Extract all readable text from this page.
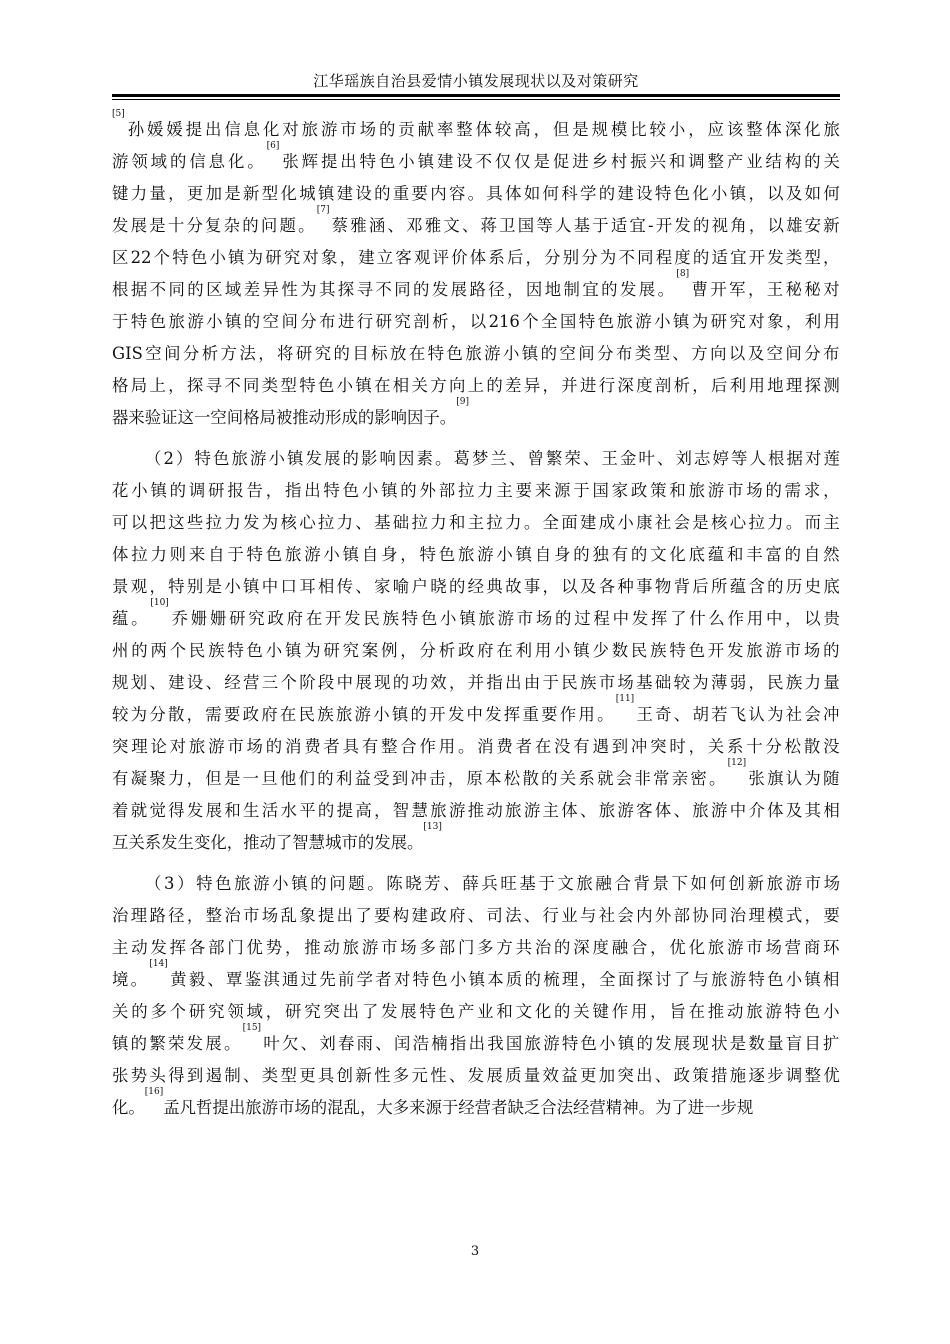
江华瑶族自治县爱情小镇发展现状以及对策研究
[5]
孙 媛 媛 提 出 信 息 化 对 旅 游 市 场 的 贡 献 率 整 体 较 高 ， 但 是 规 模 比 较 小 ， 应 该 整 体 深 化 旅
游 领 域 的 信 息 化 。
[6]
张 辉 提 出 特 色 小 镇 建 设 不 仅 仅 是 促 进 乡 村 振 兴 和 调 整 产 业 结 构 的 关
键 力 量 ， 更 加 是 新 型 化 城 镇 建 设 的 重 要 内 容 。 具 体 如 何 科 学 的 建 设 特 色 化 小 镇 ， 以 及 如 何
发 展 是 十 分 复 杂 的 问 题 。
[7]
蔡 雅 涵 、 邓 雅 文 、 蒋 卫 国 等 人 基 于 适 宜 - 开 发 的 视 角 ， 以 雄 安 新
区 22 个 特 色 小 镇 为 研 究 对 象 ， 建 立 客 观 评 价 体 系 后 ， 分 别 分 为 不 同 程 度 的 适 宜 开 发 类 型 ，
根 据 不 同 的 区 域 差 异 性 为 其 探 寻 不 同 的 发 展 路 径 ， 因 地 制 宜 的 发 展 。
[8]
曹 开 军 ， 王 秘 秘 对
于 特 色 旅 游 小 镇 的 空 间 分 布 进 行 研 究 剖 析 ， 以 216 个 全 国 特 色 旅 游 小 镇 为 研 究 对 象 ， 利 用
GIS 空 间 分 析 方 法 ， 将 研 究 的 目 标 放 在 特 色 旅 游 小 镇 的 空 间 分 布 类 型 、 方 向 以 及 空 间 分 布
格 局 上 ， 探 寻 不 同 类 型 特 色 小 镇 在 相 关 方 向 上 的 差 异 ， 并 进 行 深 度 剖 析 ， 后 利 用 地 理 探 测
器来验证这一空间格局被推动形成的影响因子。
[9]
（ 2 ） 特 色 旅 游 小 镇 发 展 的 影 响 因 素 。 葛 梦 兰 、 曾 繁 荣 、 王 金 叶 、 刘 志 婷 等 人 根 据 对 莲
花 小 镇 的 调 研 报 告 ， 指 出 特 色 小 镇 的 外 部 拉 力 主 要 来 源 于 国 家 政 策 和 旅 游 市 场 的 需 求 ，
可 以 把 这 些 拉 力 发 为 核 心 拉 力 、 基 础 拉 力 和 主 拉 力 。 全 面 建 成 小 康 社 会 是 核 心 拉 力 。 而 主
体 拉 力 则 来 自 于 特 色 旅 游 小 镇 自 身 ， 特 色 旅 游 小 镇 自 身 的 独 有 的 文 化 底 蕴 和 丰 富 的 自 然
景 观 ， 特 别 是 小 镇 中 口 耳 相 传 、 家 喻 户 晓 的 经 典 故 事 ， 以 及 各 种 事 物 背 后 所 蕴 含 的 历 史 底
蕴 。
[10]
乔 姗 姗 研 究 政 府 在 开 发 民 族 特 色 小 镇 旅 游 市 场 的 过 程 中 发 挥 了 什 么 作 用 中 ， 以 贵
州 的 两 个 民 族 特 色 小 镇 为 研 究 案 例 ， 分 析 政 府 在 利 用 小 镇 少 数 民 族 特 色 开 发 旅 游 市 场 的
规 划 、 建 设 、 经 营 三 个 阶 段 中 展 现 的 功 效 ， 并 指 出 由 于 民 族 市 场 基 础 较 为 薄 弱 ， 民 族 力 量
较 为 分 散 ， 需 要 政 府 在 民 族 旅 游 小 镇 的 开 发 中 发 挥 重 要 作 用 。
[11]
王 奇 、 胡 若 飞 认 为 社 会 冲
突 理 论 对 旅 游 市 场 的 消 费 者 具 有 整 合 作 用 。 消 费 者 在 没 有 遇 到 冲 突 时 ， 关 系 十 分 松 散 没
有 凝 聚 力 ， 但 是 一 旦 他 们 的 利 益 受 到 冲 击 ， 原 本 松 散 的 关 系 就 会 非 常 亲 密 。
[12]
张 旗 认 为 随
着 就 觉 得 发 展 和 生 活 水 平 的 提 高 ， 智 慧 旅 游 推 动 旅 游 主 体 、 旅 游 客 体 、 旅 游 中 介 体 及 其 相
互关系发生变化，推动了智慧城市的发展。
[13]
（ 3 ） 特 色 旅 游 小 镇 的 问 题 。 陈 晓 芳 、 薛 兵 旺 基 于 文 旅 融 合 背 景 下 如 何 创 新 旅 游 市 场
治 理 路 径 ， 整 治 市 场 乱 象 提 出 了 要 构 建 政 府 、 司 法 、 行 业 与 社 会 内 外 部 协 同 治 理 模 式 ， 要
主 动 发 挥 各 部 门 优 势 ， 推 动 旅 游 市 场 多 部 门 多 方 共 治 的 深 度 融 合 ， 优 化 旅 游 市 场 营 商 环
境 。
[14]
黄 毅 、 覃 鉴 淇 通 过 先 前 学 者 对 特 色 小 镇 本 质 的 梳 理 ， 全 面 探 讨 了 与 旅 游 特 色 小 镇 相
关 的 多 个 研 究 领 域 ， 研 究 突 出 了 发 展 特 色 产 业 和 文 化 的 关 键 作 用 ， 旨 在 推 动 旅 游 特 色 小
镇 的 繁 荣 发 展 。
[15]
叶 欠 、 刘 春 雨 、 闰 浩 楠 指 出 我 国 旅 游 特 色 小 镇 的 发 展 现 状 是 数 量 盲 目 扩
张 势 头 得 到 遏 制 、 类 型 更 具 创 新 性 多 元 性 、 发 展 质 量 效 益 更 加 突 出 、 政 策 措 施 逐 步 调 整 优
化。
[16]
孟凡哲提出旅游市场的混乱，大多来源于经营者缺乏合法经营精神。为了进一步规
3
